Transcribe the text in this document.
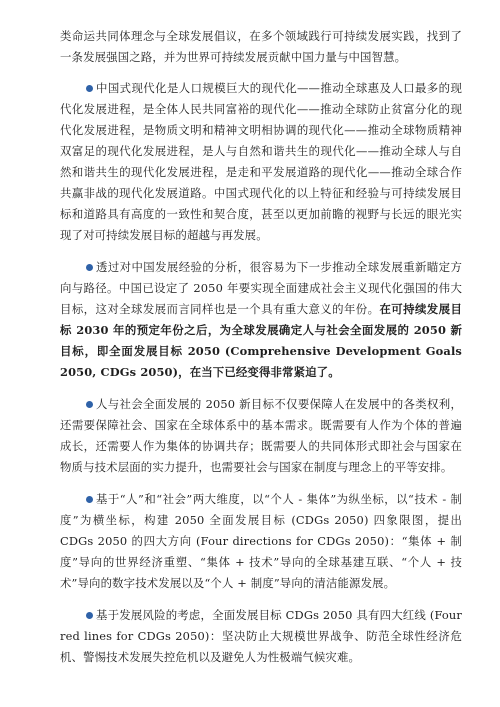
类命运共同体理念与全球发展倡议，在多个领域践行可持续发展实践，找到了一条发展强国之路，并为世界可持续发展贡献中国力量与中国智慧。

中国式现代化是人口规模巨大的现代化——推动全球惠及人口最多的现代化发展进程，是全体人民共同富裕的现代化——推动全球防止贫富分化的现代化发展进程，是物质文明和精神文明相协调的现代化——推动全球物质精神双富足的现代化发展进程，是人与自然和谐共生的现代化——推动全球人与自然和谐共生的现代化发展进程，是走和平发展道路的现代化——推动全球合作共赢非战的现代化发展道路。中国式现代化的以上特征和经验与可持续发展目标和道路具有高度的一致性和契合度，甚至以更加前瞻的视野与长远的眼光实现了对可持续发展目标的超越与再发展。

透过对中国发展经验的分析，很容易为下一步推动全球发展重新瞄定方向与路径。中国已设定了 2050 年要实现全面建成社会主义现代化强国的伟大目标，这对全球发展而言同样也是一个具有重大意义的年份。在可持续发展目标 2030 年的预定年份之后，为全球发展确定人与社会全面发展的 2050 新目标，即全面发展目标 2050 (Comprehensive Development Goals 2050, CDGs 2050)，在当下已经变得非常紧迫了。

人与社会全面发展的 2050 新目标不仅要保障人在发展中的各类权利，还需要保障社会、国家在全球体系中的基本需求。既需要有人作为个体的普遍成长，还需要人作为集体的协调共存；既需要人的共同体形式即社会与国家在物质与技术层面的实力提升，也需要社会与国家在制度与理念上的平等安排。

基于“人”和“社会”两大维度，以“个人 - 集体”为纵坐标，以“技术 - 制度”为横坐标，构建 2050 全面发展目标 (CDGs 2050) 四象限图，提出 CDGs 2050 的四大方向 (Four directions for CDGs 2050)：“集体 + 制度”导向的世界经济重塑、“集体 + 技术”导向的全球基建互联、“个人 + 技术”导向的数字技术发展以及“个人 + 制度”导向的清洁能源发展。

基于发展风险的考虑，全面发展目标 CDGs 2050 具有四大红线 (Four red lines for CDGs 2050)：坚决防止大规模世界战争、防范全球性经济危机、警惕技术发展失控危机以及避免人为性极端气候灾难。
